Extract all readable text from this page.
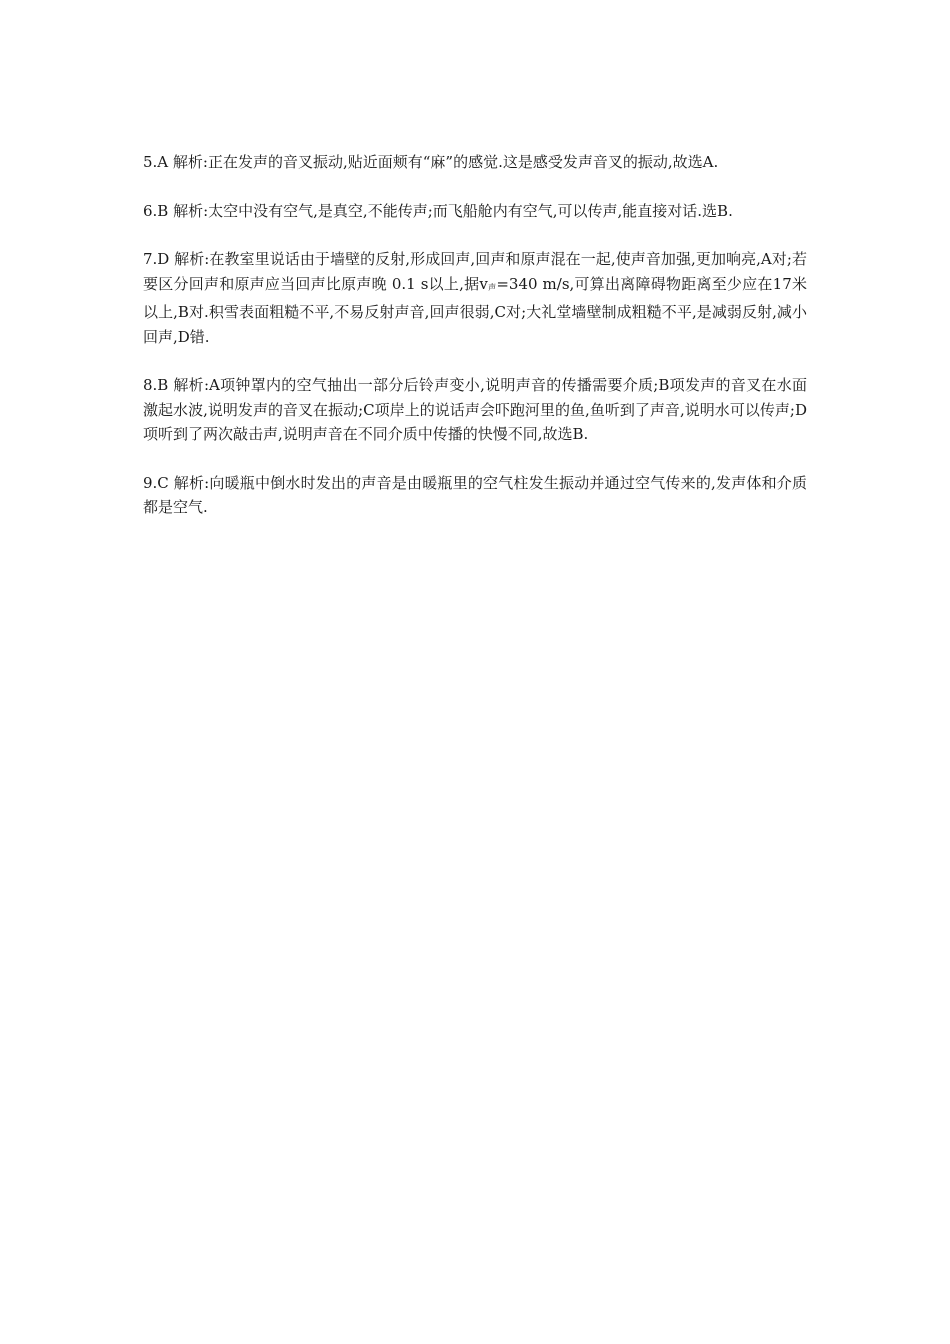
5.A 解析:正在发声的音叉振动,贴近面颊有“麻”的感觉.这是感受发声音叉的振动,故选A.

6.B 解析:太空中没有空气,是真空,不能传声;而飞船舱内有空气,可以传声,能直接对话.选B.

7.D 解析:在教室里说话由于墙壁的反射,形成回声,回声和原声混在一起,使声音加强,更加响亮,A对;若要区分回声和原声应当回声比原声晚 0.1 s以上,据v声=340 m/s,可算出离障碍物距离至少应在17米以上,B对.积雪表面粗糙不平,不易反射声音,回声很弱,C对;大礼堂墙壁制成粗糙不平,是减弱反射,减小回声,D错.

8.B 解析:A项钟罩内的空气抽出一部分后铃声变小,说明声音的传播需要介质;B项发声的音叉在水面激起水波,说明发声的音叉在振动;C项岸上的说话声会吓跑河里的鱼,鱼听到了声音,说明水可以传声;D项听到了两次敲击声,说明声音在不同介质中传播的快慢不同,故选B.

9.C 解析:向暖瓶中倒水时发出的声音是由暖瓶里的空气柱发生振动并通过空气传来的,发声体和介质都是空气.
